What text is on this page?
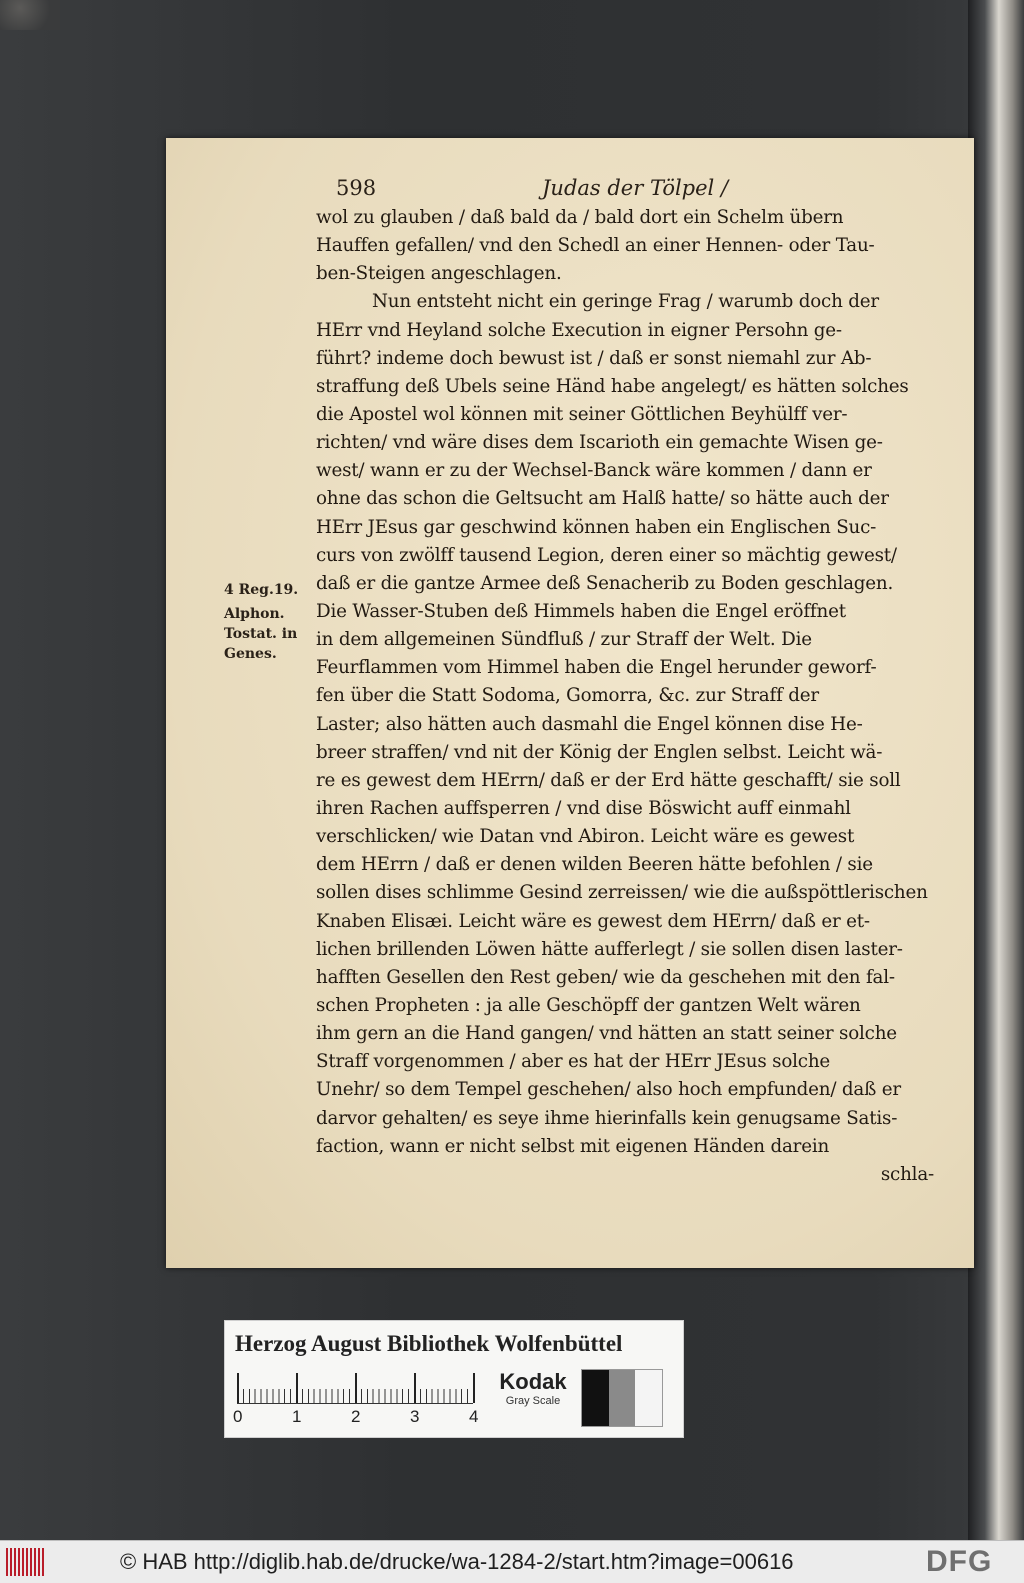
598	Judas der Tölpel /
wol zu glauben / daß bald da / bald dort ein Schelm übern
Hauffen gefallen/ vnd den Schedl an einer Hennen- oder Tau-
ben-Steigen angeschlagen.
Nun entsteht nicht ein geringe Frag / warumb doch der
HErr vnd Heyland solche Execution in eigner Persohn ge-
führt? indeme doch bewust ist / daß er sonst niemahl zur Ab-
straffung deß Ubels seine Händ habe angelegt/ es hätten solches
die Apostel wol können mit seiner Göttlichen Beyhülff ver-
richten/ vnd wäre dises dem Iscarioth ein gemachte Wisen ge-
west/ wann er zu der Wechsel-Banck wäre kommen / dann er
ohne das schon die Geltsucht am Halß hatte/ so hätte auch der
HErr JEsus gar geschwind können haben ein Englischen Suc-
curs von zwölff tausend Legion, deren einer so mächtig gewest/
daß er die gantze Armee deß Senacherib zu Boden geschlagen.
Die Wasser-Stuben deß Himmels haben die Engel eröffnet
in dem allgemeinen Sündfluß / zur Straff der Welt. Die
Feurflammen vom Himmel haben die Engel herunder geworf-
fen über die Statt Sodoma, Gomorra, &c. zur Straff der
Laster; also hätten auch dasmahl die Engel können dise He-
breer straffen/ vnd nit der König der Englen selbst. Leicht wä-
re es gewest dem HErrn/ daß er der Erd hätte geschafft/ sie soll
ihren Rachen auffsperren / vnd dise Böswicht auff einmahl
verschlicken/ wie Datan vnd Abiron. Leicht wäre es gewest
dem HErrn / daß er denen wilden Beeren hätte befohlen / sie
sollen dises schlimme Gesind zerreissen/ wie die außspöttlerischen
Knaben Elisæi. Leicht wäre es gewest dem HErrn/ daß er et-
lichen brillenden Löwen hätte aufferlegt / sie sollen disen laster-
hafften Gesellen den Rest geben/ wie da geschehen mit den fal-
schen Propheten : ja alle Geschöpff der gantzen Welt wären
ihm gern an die Hand gangen/ vnd hätten an statt seiner solche
Straff vorgenommen / aber es hat der HErr JEsus solche
Unehr/ so dem Tempel geschehen/ also hoch empfunden/ daß er
darvor gehalten/ es seye ihme hierinfalls kein genugsame Satis-
faction, wann er nicht selbst mit eigenen Händen darein
schla-
4 Reg.19.
Alphon.
Tostat. in
Genes.
Herzog August Bibliothek Wolfenbüttel
0	1	2	3	4
Kodak
Gray Scale
© HAB http://diglib.hab.de/drucke/wa-1284-2/start.htm?image=00616	DFG
